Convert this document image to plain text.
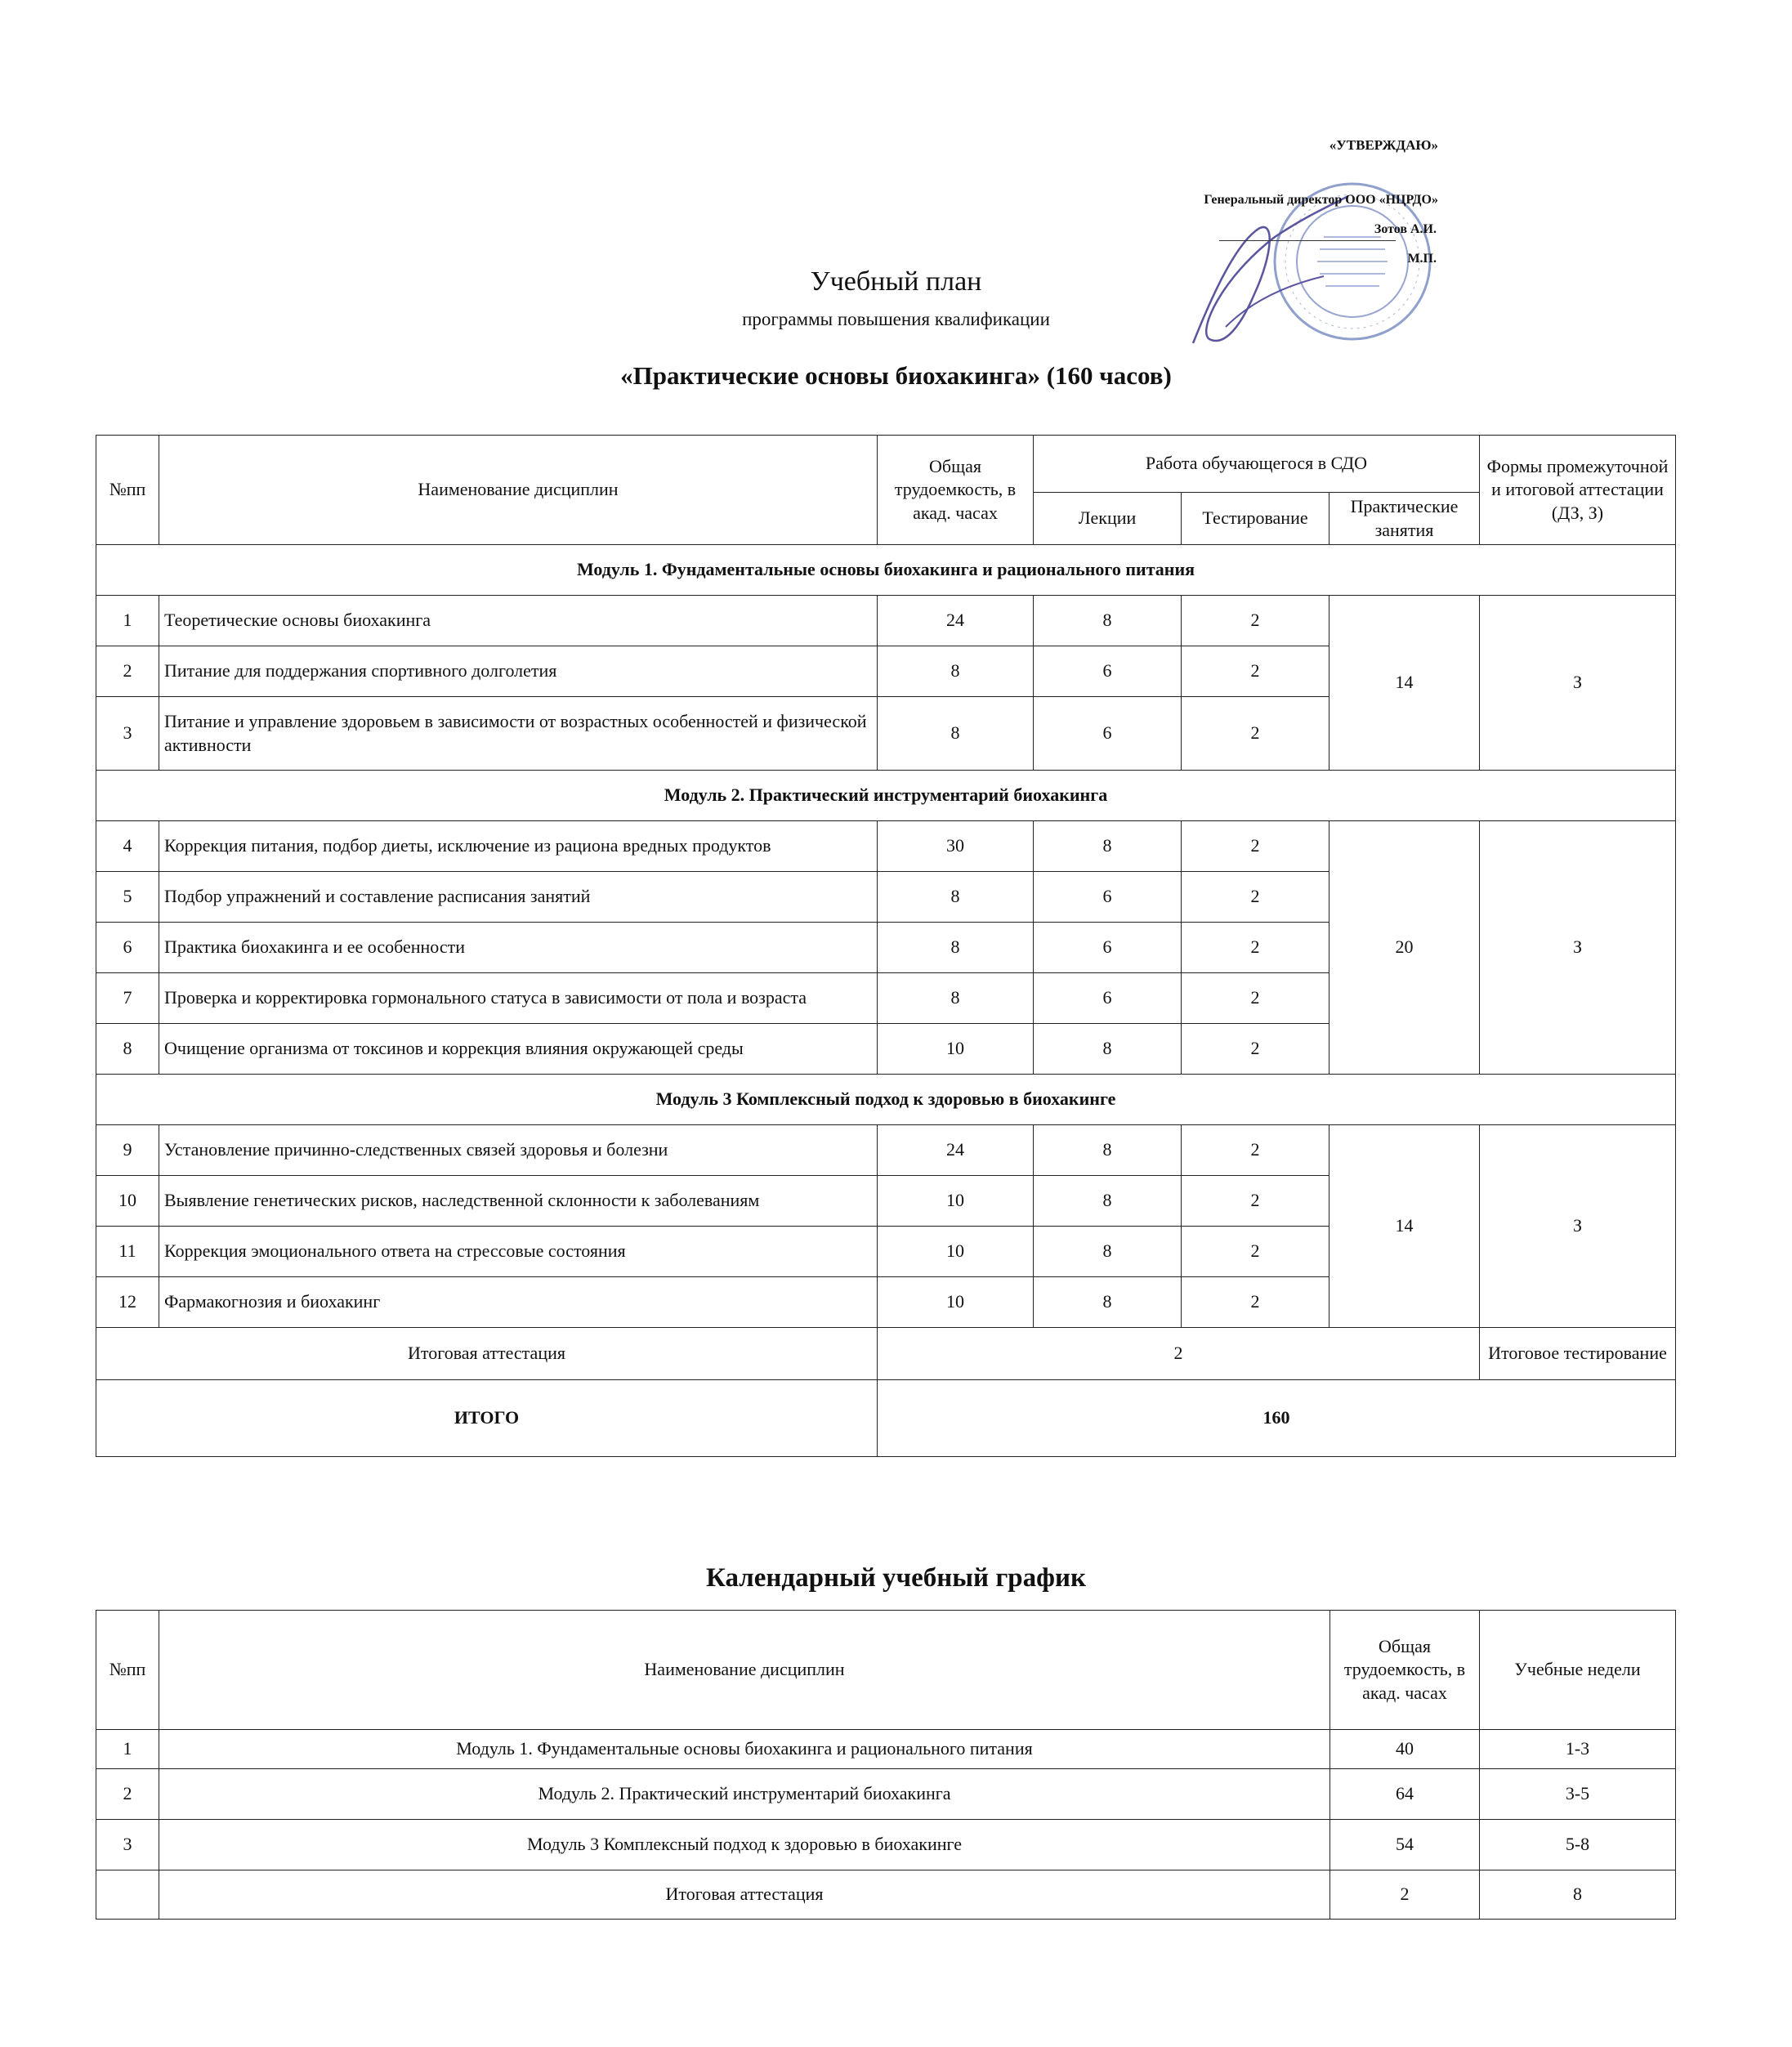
«УТВЕРЖДАЮ»
Генеральный директор ООО «НЦРДО»
Зотов А.И.
М.П.
Учебный план
программы повышения квалификации
«Практические основы биохакинга» (160 часов)
№пп	Наименование дисциплин	Общая трудоемкость, в акад. часах	Работа обучающегося в СДО			Формы промежуточной и итоговой аттестации (ДЗ, З)
			Лекции	Тестирование	Практические занятия	
Модуль 1. Фундаментальные основы биохакинга и рационального питания						
1	Теоретические основы биохакинга	24	8	2	14	З
2	Питание для поддержания спортивного долголетия	8	6	2		
3	Питание и управление здоровьем в зависимости от возрастных особенностей и физической активности	8	6	2		
Модуль 2. Практический инструментарий биохакинга						
4	Коррекция питания, подбор диеты, исключение из рациона вредных продуктов	30	8	2	20	З
5	Подбор упражнений и составление расписания занятий	8	6	2		
6	Практика биохакинга и ее особенности	8	6	2		
7	Проверка и корректировка гормонального статуса в зависимости от пола и возраста	8	6	2		
8	Очищение организма от токсинов и коррекция влияния окружающей среды	10	8	2		
Модуль 3 Комплексный подход к здоровью в биохакинге						
9	Установление причинно-следственных связей здоровья и болезни	24	8	2	14	З
10	Выявление генетических рисков, наследственной склонности к заболеваниям	10	8	2		
11	Коррекция эмоционального ответа на стрессовые состояния	10	8	2		
12	Фармакогнозия и биохакинг	10	8	2		
Итоговая аттестация		2				Итоговое тестирование
ИТОГО		160				
Календарный учебный график
№пп	Наименование дисциплин	Общая трудоемкость, в акад. часах	Учебные недели
1	Модуль 1. Фундаментальные основы биохакинга и рационального питания	40	1-3
2	Модуль 2. Практический инструментарий биохакинга	64	3-5
3	Модуль 3 Комплексный подход к здоровью в биохакинге	54	5-8
	Итоговая аттестация	2	8
